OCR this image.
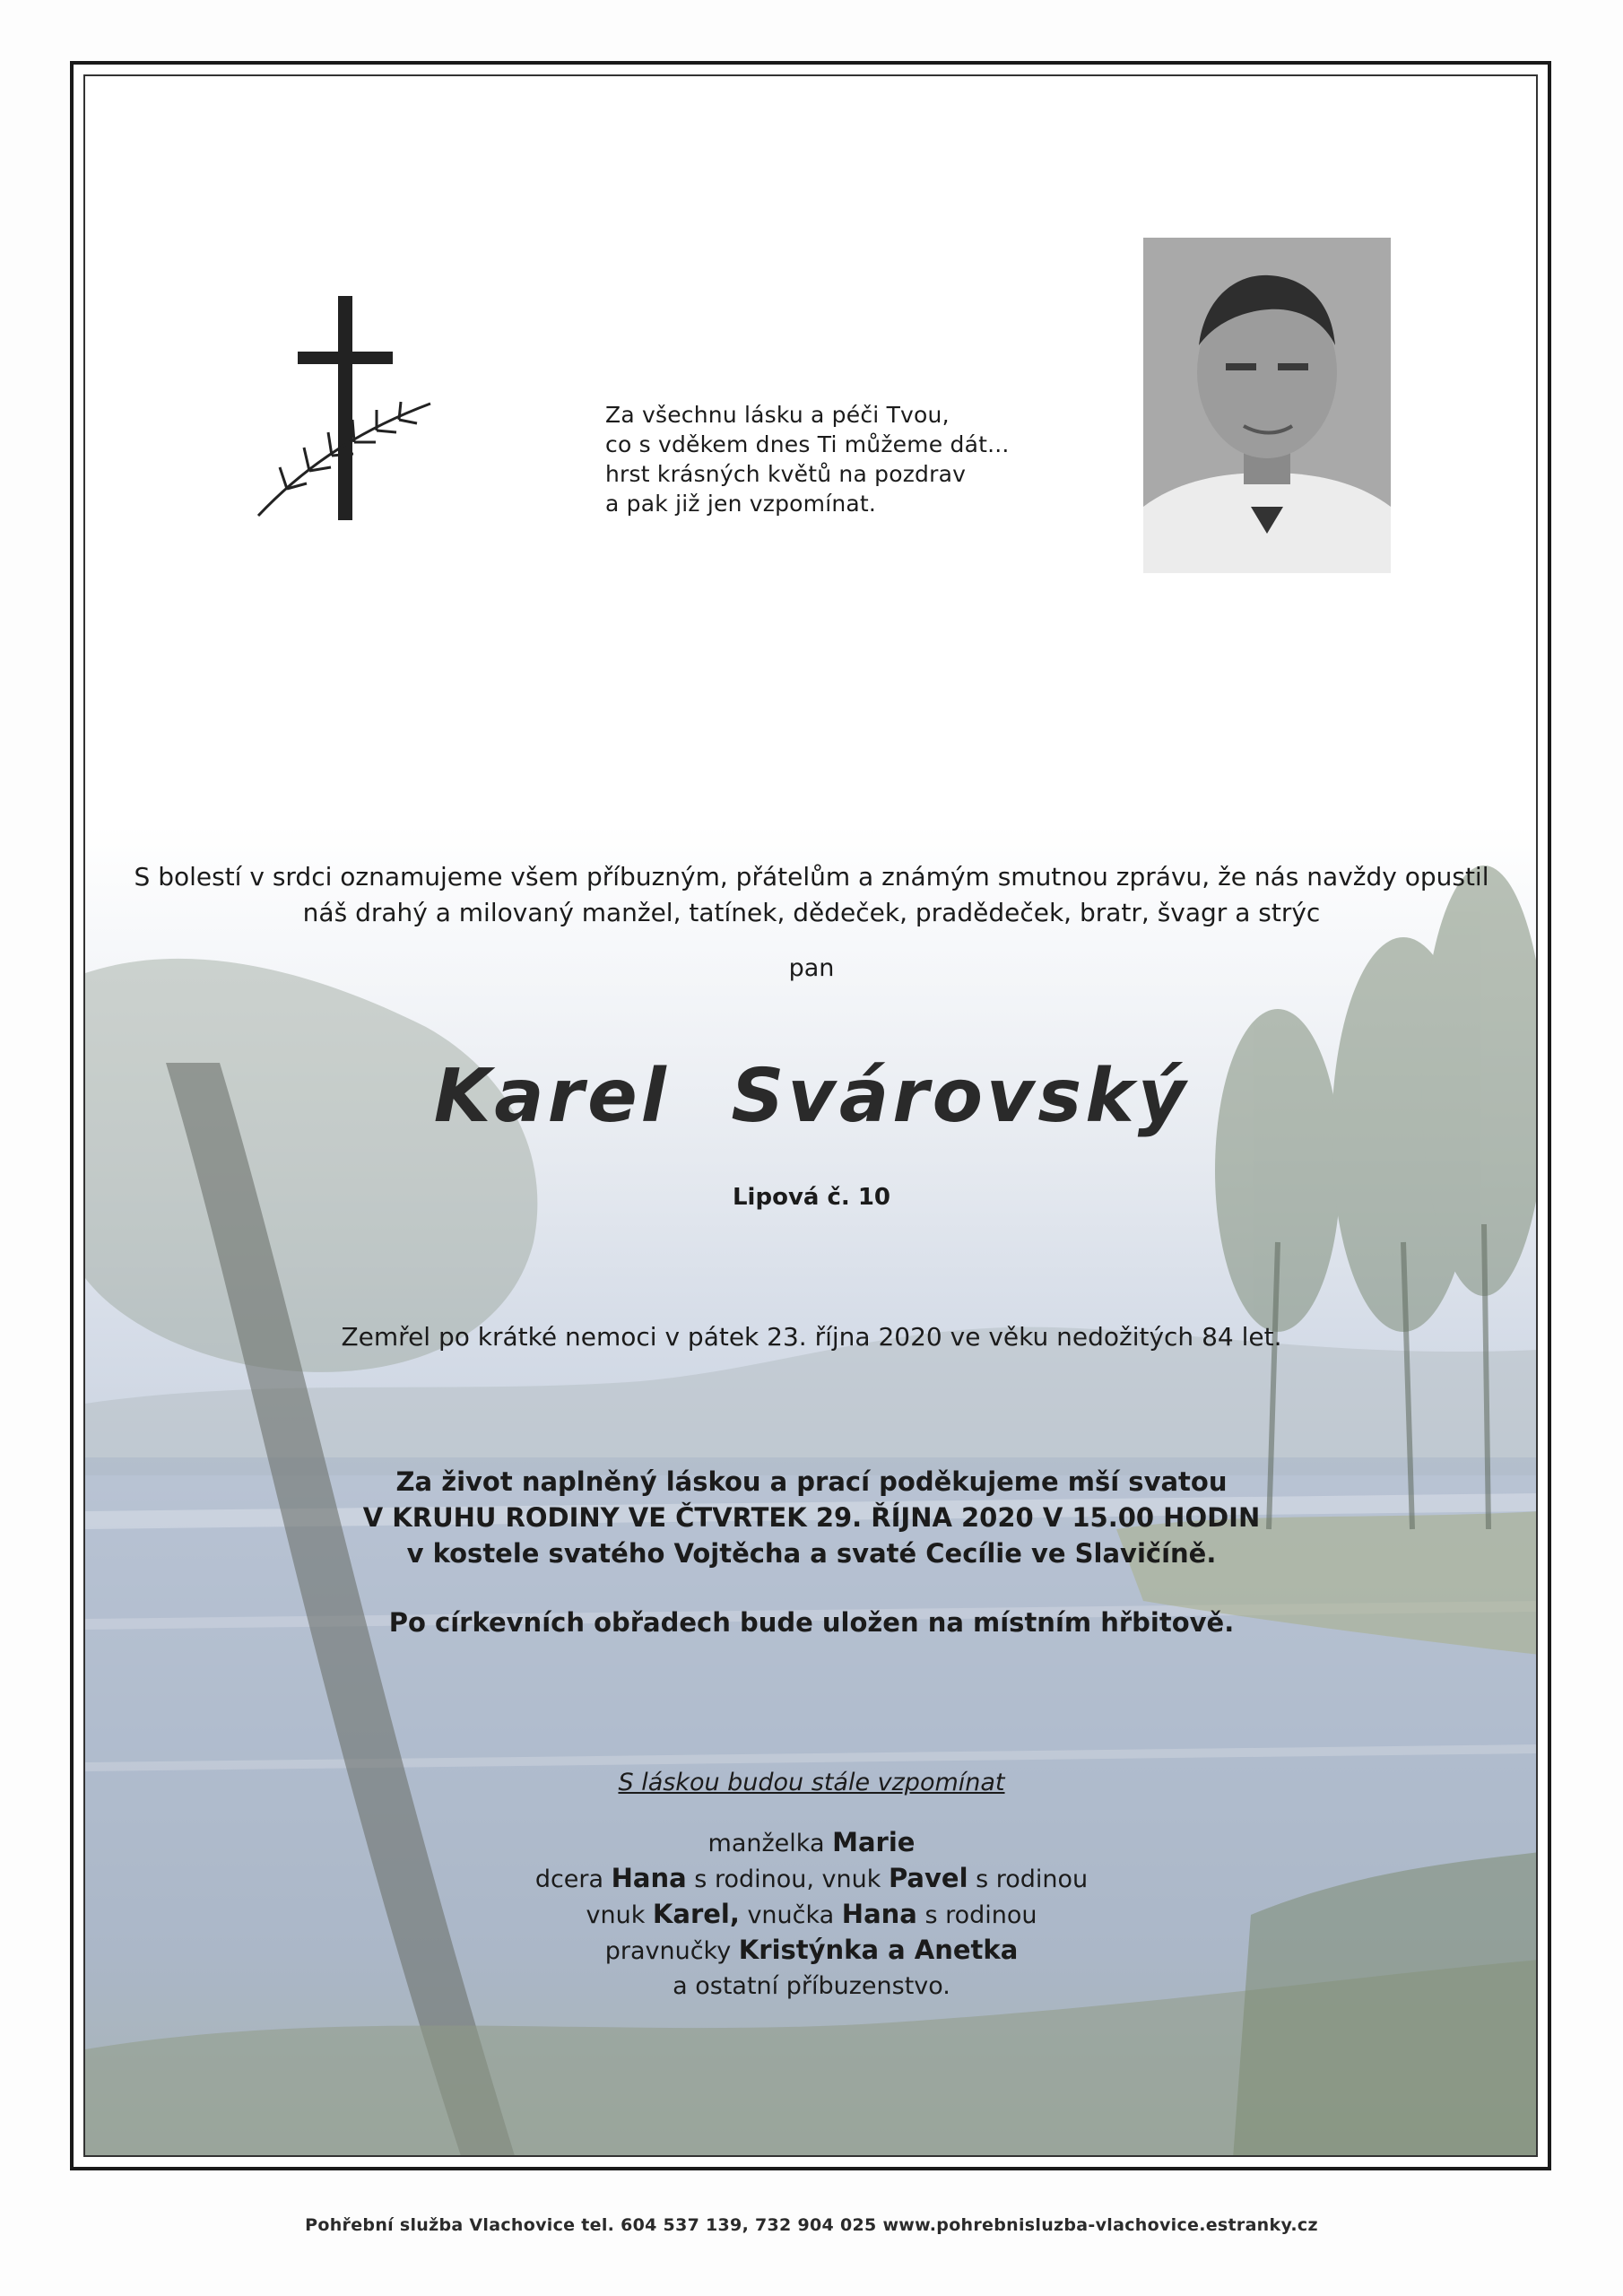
Za všechnu lásku a péči Tvou,
co s vděkem dnes Ti můžeme dát...
hrst krásných květů na pozdrav
a pak již jen vzpomínat.
S bolestí v srdci oznamujeme všem příbuzným, přátelům a známým smutnou zprávu, že nás navždy opustil
náš drahý a milovaný manžel, tatínek, dědeček, pradědeček, bratr, švagr a strýc
pan
Karel Svárovský
Lipová č. 10
Zemřel po krátké nemoci v pátek 23. října 2020 ve věku nedožitých 84 let.
Za život naplněný láskou a prací poděkujeme mší svatou
V KRUHU RODINY VE ČTVRTEK 29. ŘÍJNA 2020 V 15.00 HODIN
v kostele svatého Vojtěcha a svaté Cecílie ve Slavičíně.
Po církevních obřadech bude uložen na místním hřbitově.
S láskou budou stále vzpomínat
manželka Marie
dcera Hana s rodinou, vnuk Pavel s rodinou
vnuk Karel, vnučka Hana s rodinou
pravnučky Kristýnka a Anetka
a ostatní příbuzenstvo.
Pohřební služba Vlachovice tel. 604 537 139, 732 904 025 www.pohrebnisluzba-vlachovice.estranky.cz
